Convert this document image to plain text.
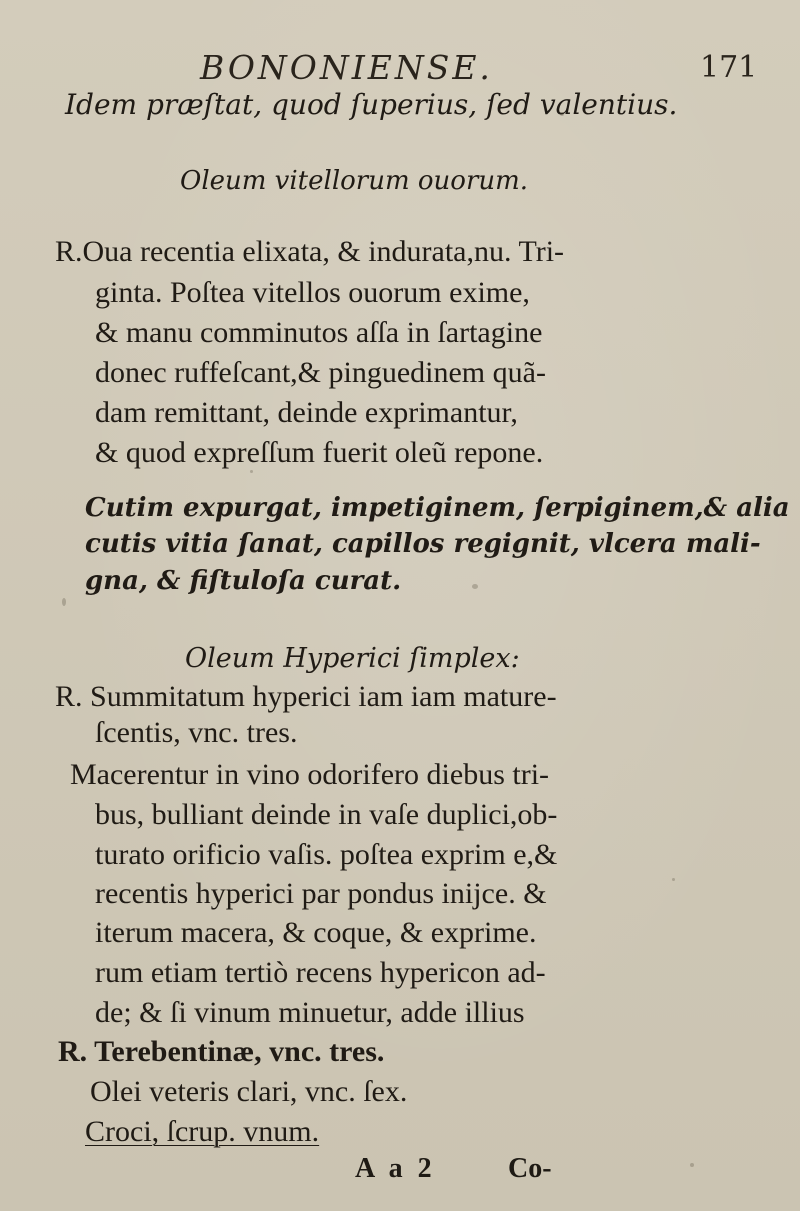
BONONIENSE.	171
Idem præſtat, quod ſuperius, ſed valentius.
Oleum vitellorum ouorum.
R.Oua recentia elixata, & indurata,nu. Tri-
ginta. Poſtea vitellos ouorum exime,
& manu comminutos aſſa in ſartagine
donec ruffeſcant,& pinguedinem quã-
dam remittant, deinde exprimantur,
& quod expreſſum fuerit oleũ repone.
Cutim expurgat, impetiginem, ſerpiginem,& alia
cutis vitia ſanat, capillos regignit, vlcera mali-
gna, & fiſtuloſa curat.
Oleum Hyperici ſimplex:
R. Summitatum hyperici iam iam mature-
ſcentis, vnc. tres.
Macerentur in vino odorifero diebus tri-
bus, bulliant deinde in vaſe duplici,ob-
turato orificio vaſis. poſtea exprim e,&
recentis hyperici par pondus inijce. &
iterum macera, & coque, & exprime.
rum etiam tertiò recens hypericon ad-
de; & ſi vinum minuetur, adde illius
R. Terebentinæ, vnc. tres.
Olei veteris clari, vnc. ſex.
Croci, ſcrup. vnum.
A a 2	Co-
